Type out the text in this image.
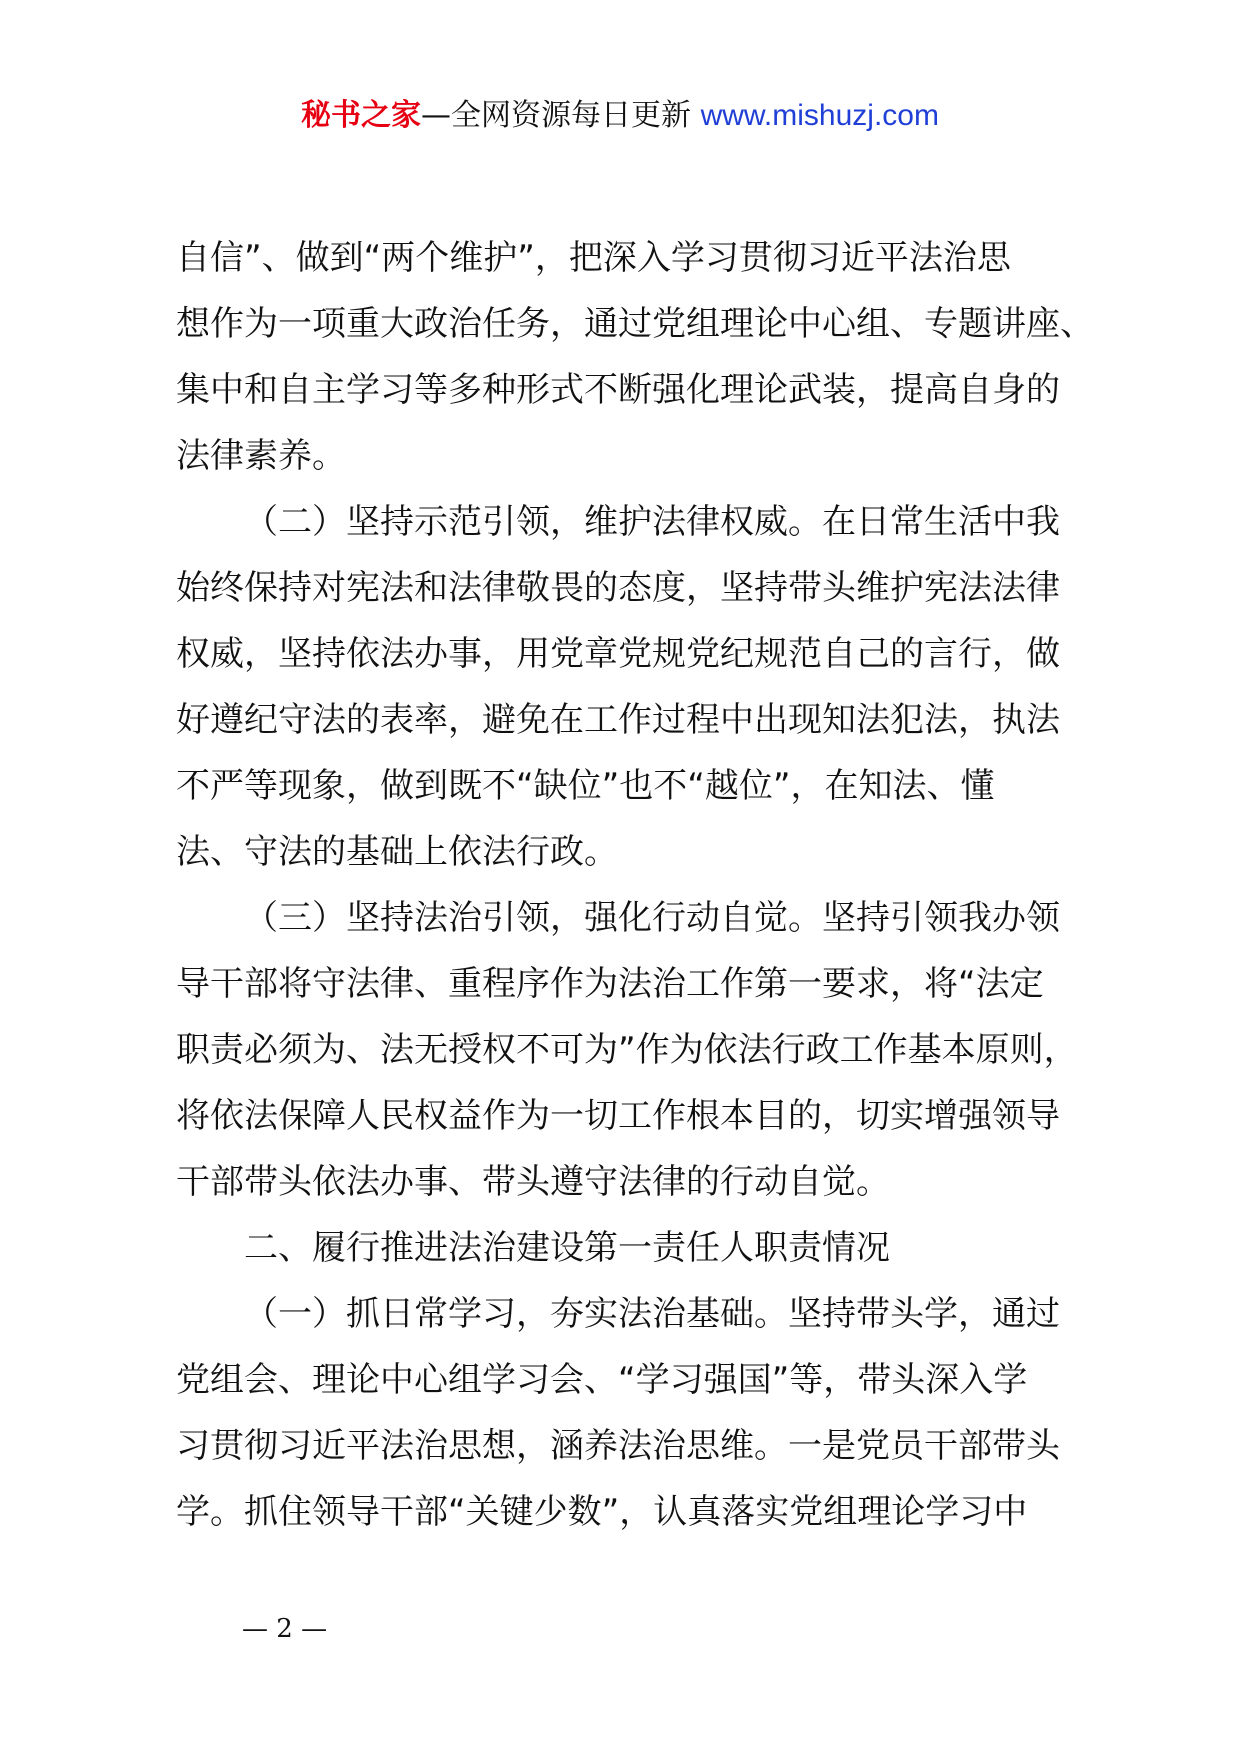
秘书之家—全网资源每日更新 www.mishuzj.com
自信”、做到“两个维护”，把深入学习贯彻习近平法治思
想作为一项重大政治任务，通过党组理论中心组、专题讲座、
集中和自主学习等多种形式不断强化理论武装，提高自身的
法律素养。
（二）坚持示范引领，维护法律权威。在日常生活中我
始终保持对宪法和法律敬畏的态度，坚持带头维护宪法法律
权威，坚持依法办事，用党章党规党纪规范自己的言行，做
好遵纪守法的表率，避免在工作过程中出现知法犯法，执法
不严等现象，做到既不“缺位”也不“越位”，在知法、懂
法、守法的基础上依法行政。
（三）坚持法治引领，强化行动自觉。坚持引领我办领
导干部将守法律、重程序作为法治工作第一要求，将“法定
职责必须为、法无授权不可为”作为依法行政工作基本原则，
将依法保障人民权益作为一切工作根本目的，切实增强领导
干部带头依法办事、带头遵守法律的行动自觉。
二、履行推进法治建设第一责任人职责情况
（一）抓日常学习，夯实法治基础。坚持带头学，通过
党组会、理论中心组学习会、“学习强国”等，带头深入学
习贯彻习近平法治思想，涵养法治思维。一是党员干部带头
学。抓住领导干部“关键少数”，认真落实党组理论学习中
— 2 —
